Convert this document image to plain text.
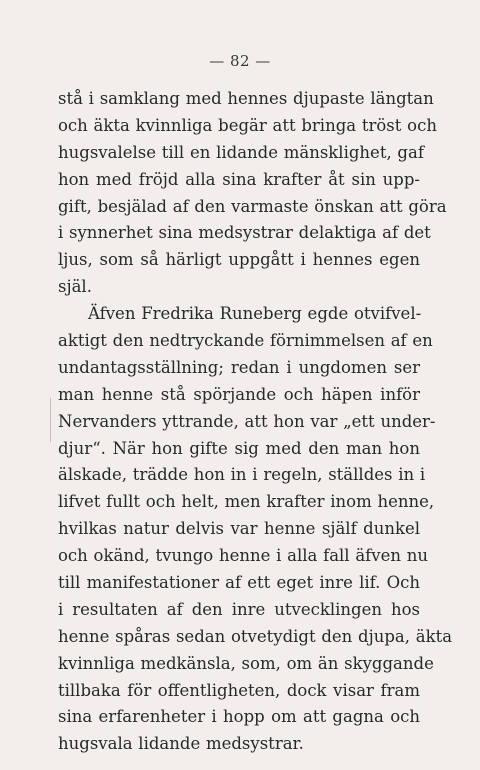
— 82 —
stå i samklang med hennes djupaste längtan
och äkta kvinnliga begär att bringa tröst och
hugsvalelse till en lidande mänsklighet, gaf
hon med fröjd alla sina krafter åt sin upp-
gift, besjälad af den varmaste önskan att göra
i synnerhet sina medsystrar delaktiga af det
ljus, som så härligt uppgått i hennes egen
själ.
Äfven Fredrika Runeberg egde otvifvel-
aktigt den nedtryckande förnimmelsen af en
undantagsställning; redan i ungdomen ser
man henne stå spörjande och häpen inför
Nervanders yttrande, att hon var „ett under-
djur“. När hon gifte sig med den man hon
älskade, trädde hon in i regeln, ställdes in i
lifvet fullt och helt, men krafter inom henne,
hvilkas natur delvis var henne själf dunkel
och okänd, tvungo henne i alla fall äfven nu
till manifestationer af ett eget inre lif. Och
i resultaten af den inre utvecklingen hos
henne spåras sedan otvetydigt den djupa, äkta
kvinnliga medkänsla, som, om än skyggande
tillbaka för offentligheten, dock visar fram
sina erfarenheter i hopp om att gagna och
hugsvala lidande medsystrar.
